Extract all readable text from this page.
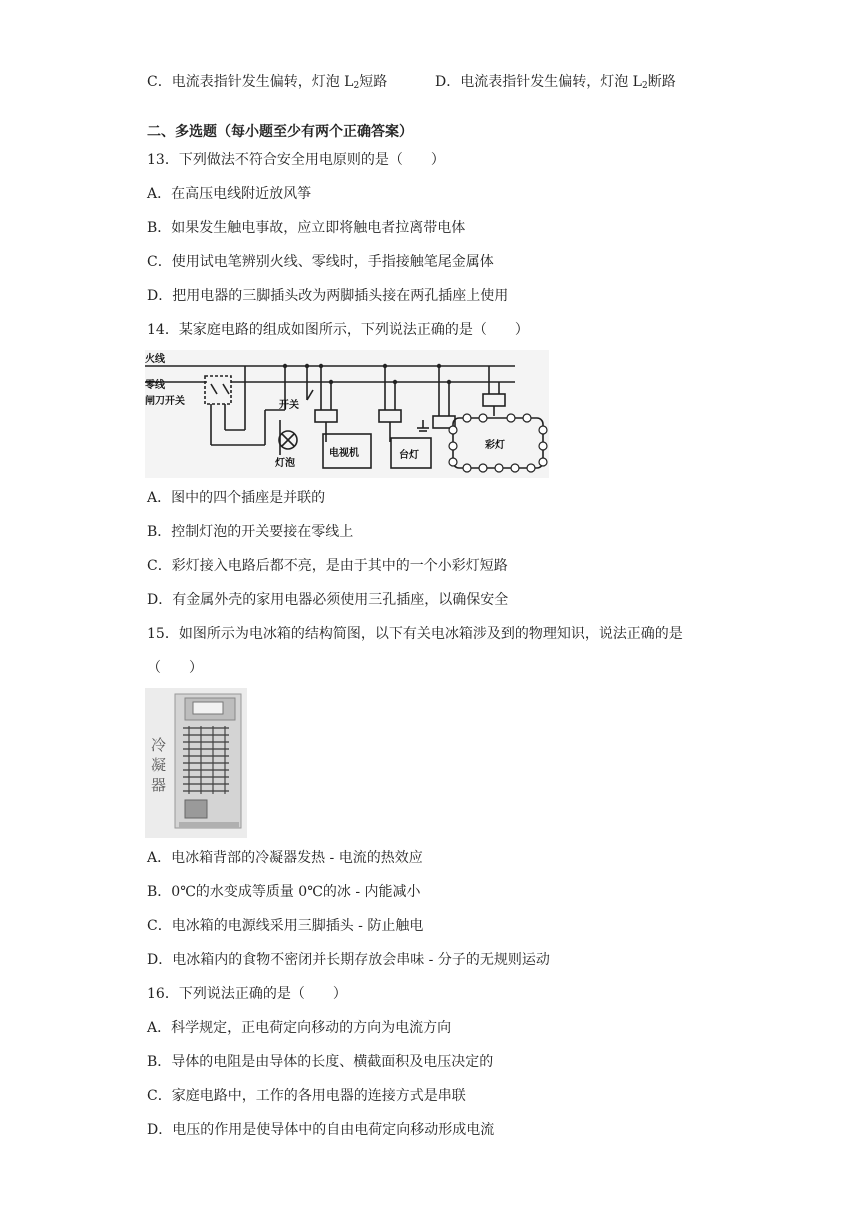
C．电流表指针发生偏转，灯泡 $L_2$短路	D．电流表指针发生偏转，灯泡 $L_2$断路
二、多选题（每小题至少有两个正确答案）
13．下列做法不符合安全用电原则的是（　　）
A．在高压电线附近放风筝
B．如果发生触电事故，应立即将触电者拉离带电体
C．使用试电笔辨别火线、零线时，手指接触笔尾金属体
D．把用电器的三脚插头改为两脚插头接在两孔插座上使用
14．某家庭电路的组成如图所示，下列说法正确的是（　　）
火线
零线
闸刀开关	开关
灯泡
电视机	台灯
彩灯
A．图中的四个插座是并联的
B．控制灯泡的开关要接在零线上
C．彩灯接入电路后都不亮，是由于其中的一个小彩灯短路
D．有金属外壳的家用电器必须使用三孔插座，以确保安全
15．如图所示为电冰箱的结构简图，以下有关电冰箱涉及到的物理知识，说法正确的是
（　　）
冷
凝
器
A．电冰箱背部的冷凝器发热 - 电流的热效应
B．0℃的水变成等质量 0℃的冰 - 内能减小
C．电冰箱的电源线采用三脚插头 - 防止触电
D．电冰箱内的食物不密闭并长期存放会串味 - 分子的无规则运动
16．下列说法正确的是（　　）
A．科学规定，正电荷定向移动的方向为电流方向
B．导体的电阻是由导体的长度、横截面积及电压决定的
C．家庭电路中，工作的各用电器的连接方式是串联
D．电压的作用是使导体中的自由电荷定向移动形成电流
